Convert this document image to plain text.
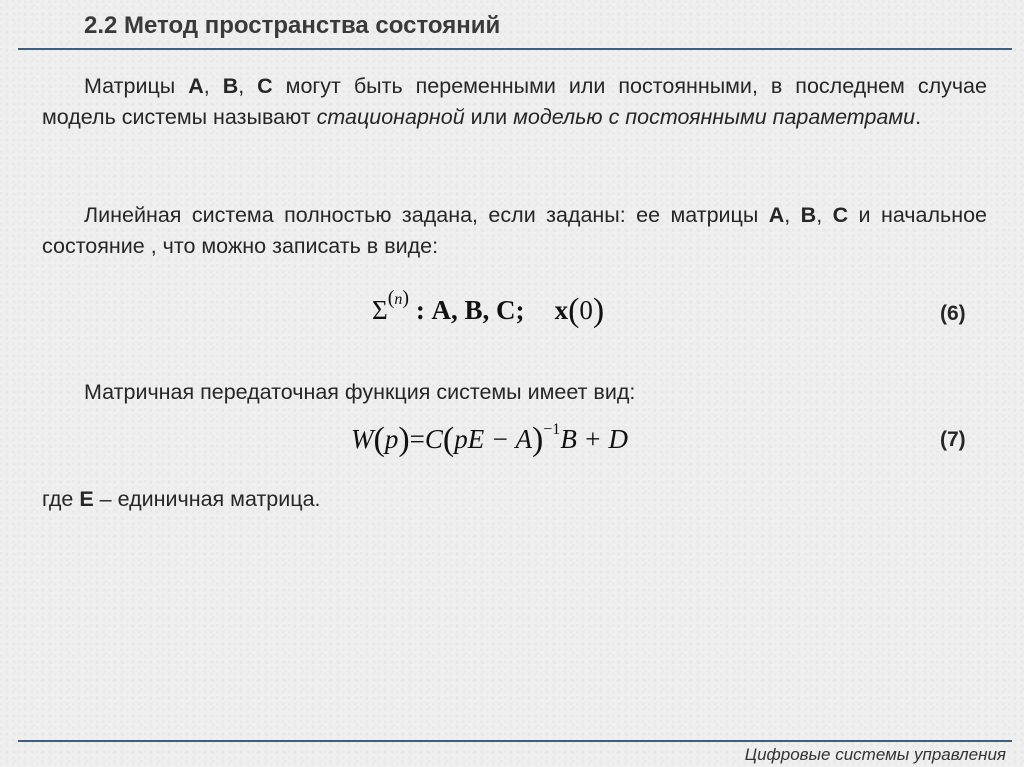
2.2 Метод пространства состояний
Матрицы A, B, C могут быть переменными или постоянными, в последнем случае модель системы называют стационарной или моделью с постоянными параметрами.
Линейная система полностью задана, если заданы: ее матрицы A, B, C и начальное состояние , что можно записать в виде:
$\Sigma^{(n)}$ : A, B, C; x(0)	(6)
Матричная передаточная функция системы имеет вид:
W(p)=C(pE − A)$^{-1}$B + D	(7)
где E – единичная матрица.
Цифровые системы управления
